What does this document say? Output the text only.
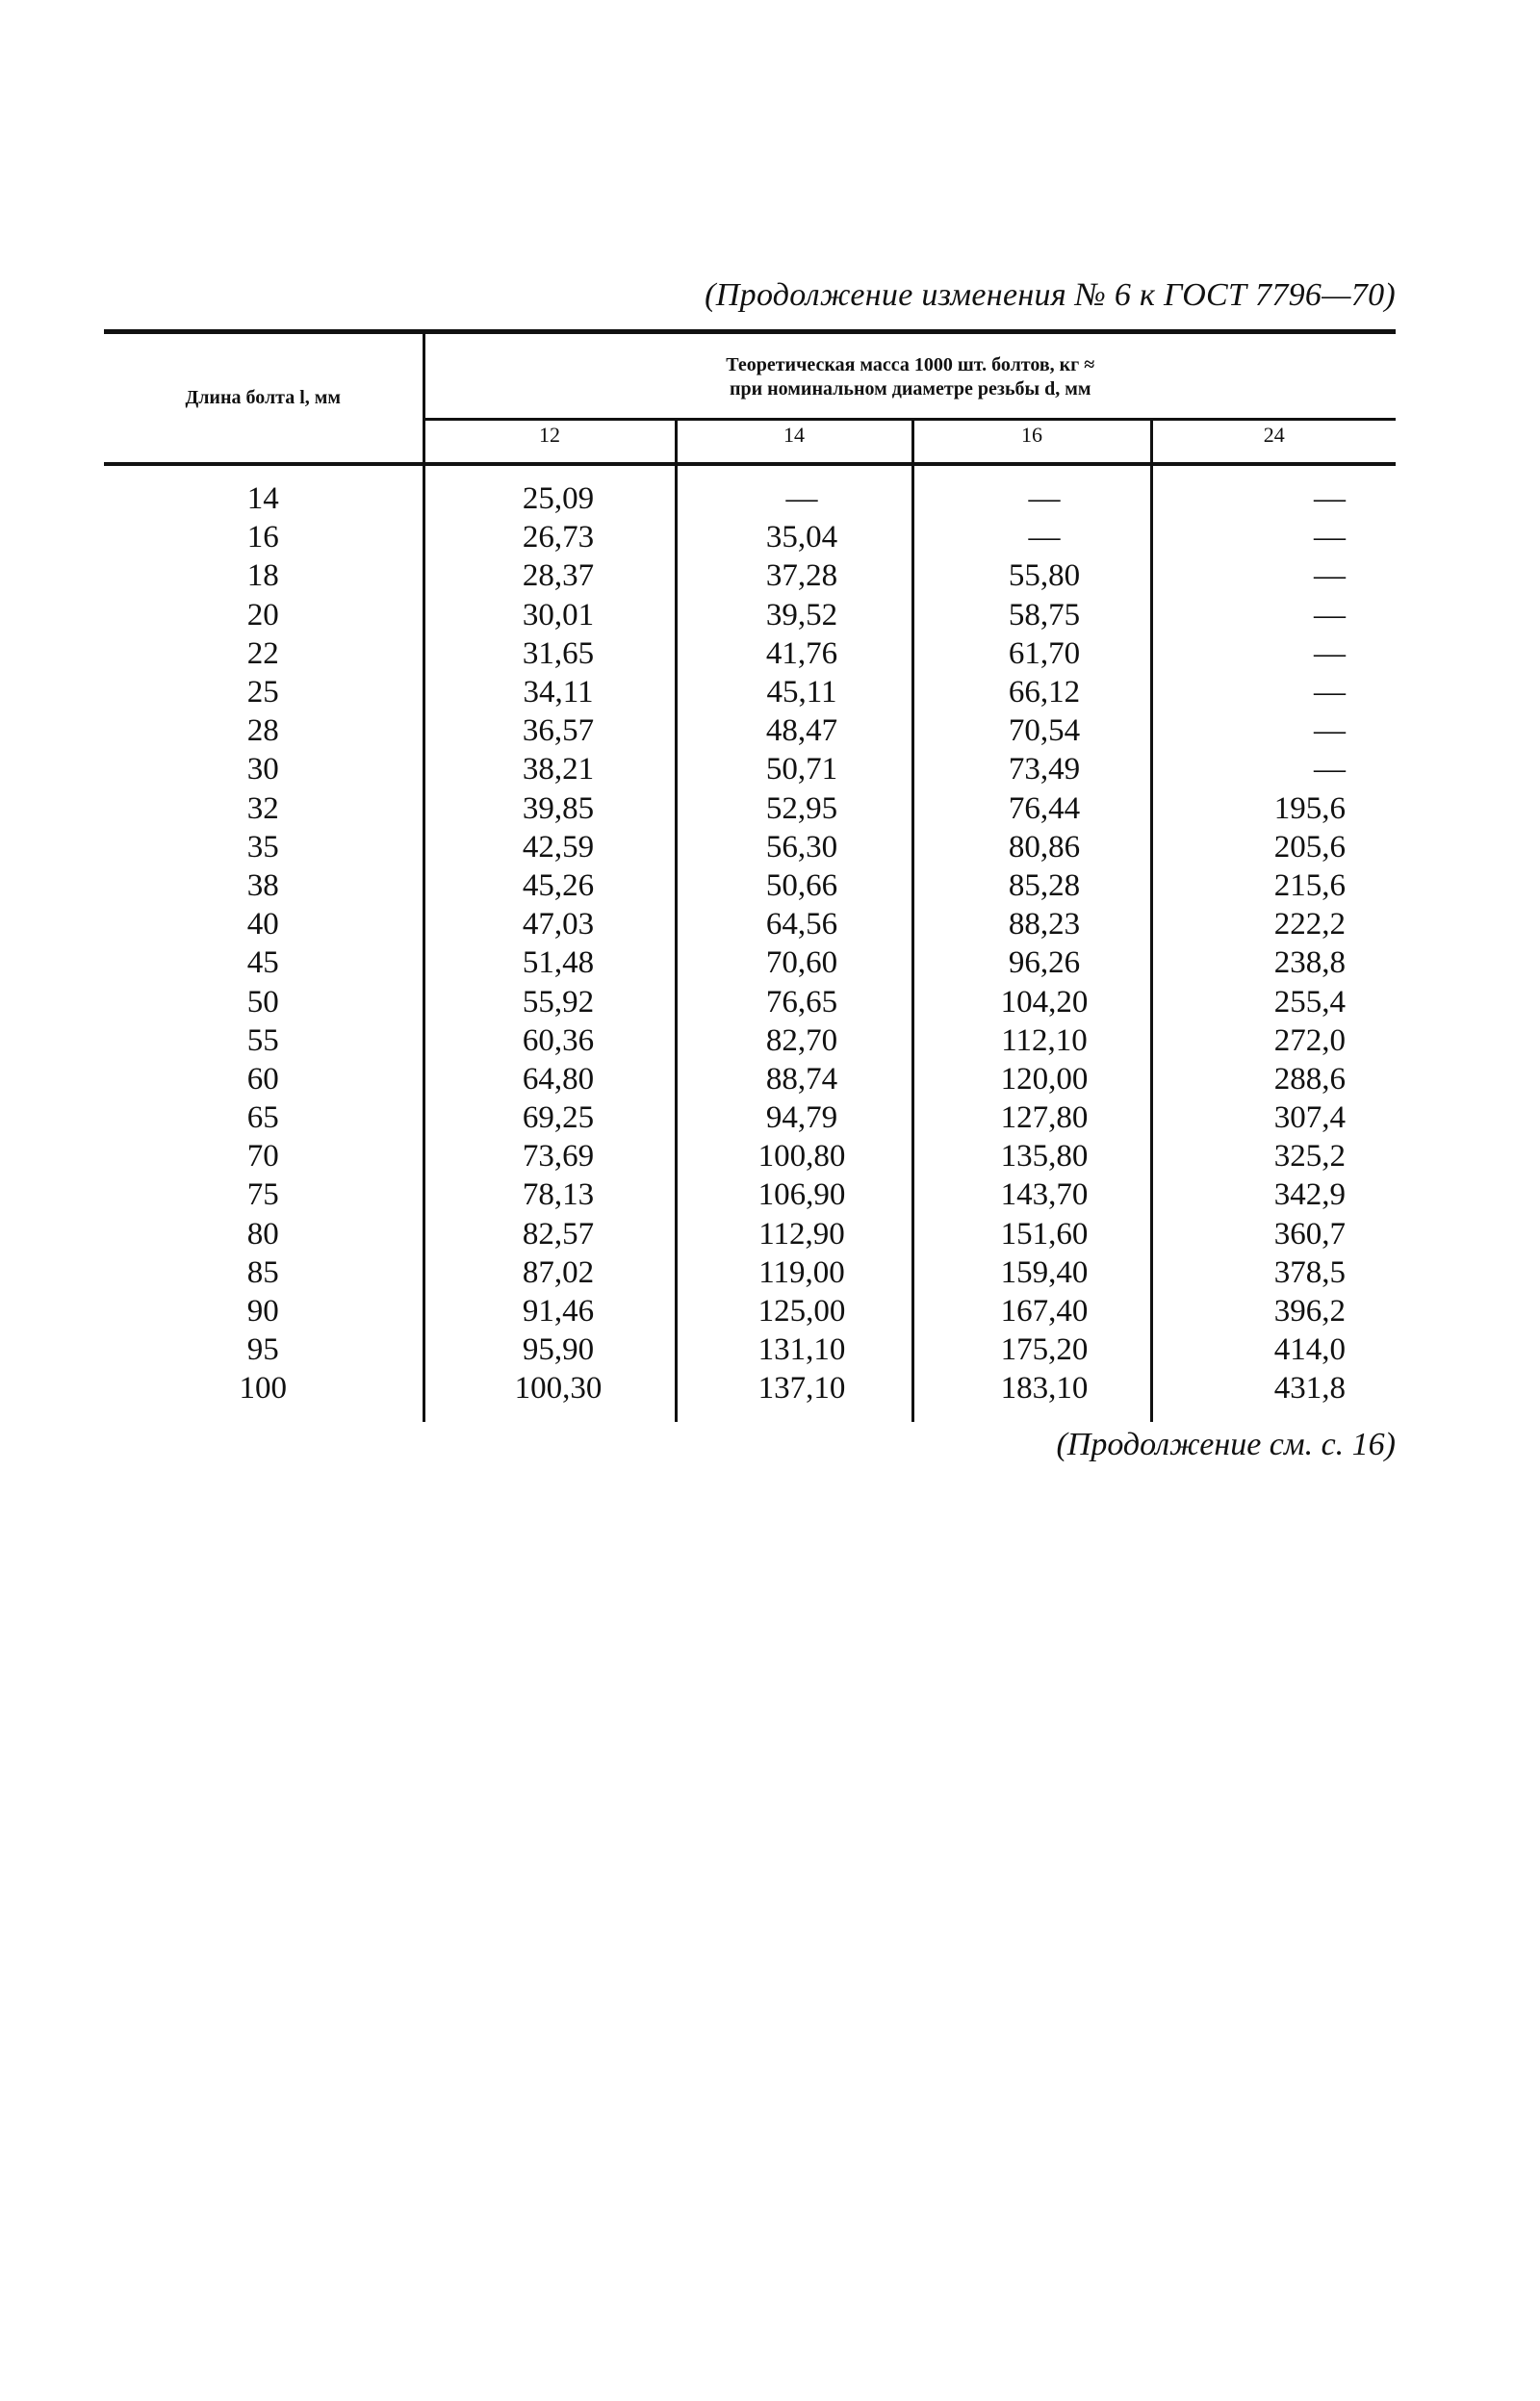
(Продолжение изменения № 6 к ГОСТ 7796—70)
Длина болта l, мм	Теоретическая масса 1000 шт. болтов, кг ≈
при номинальном диаметре резьбы d, мм			

	12	14	16	24
14	25,09	—	—	—
16	26,73	35,04	—	—
18	28,37	37,28	55,80	—
20	30,01	39,52	58,75	—
22	31,65	41,76	61,70	—
25	34,11	45,11	66,12	—
28	36,57	48,47	70,54	—
30	38,21	50,71	73,49	—
32	39,85	52,95	76,44	195,6
35	42,59	56,30	80,86	205,6
38	45,26	50,66	85,28	215,6
40	47,03	64,56	88,23	222,2
45	51,48	70,60	96,26	238,8
50	55,92	76,65	104,20	255,4
55	60,36	82,70	112,10	272,0
60	64,80	88,74	120,00	288,6
65	69,25	94,79	127,80	307,4
70	73,69	100,80	135,80	325,2
75	78,13	106,90	143,70	342,9
80	82,57	112,90	151,60	360,7
85	87,02	119,00	159,40	378,5
90	91,46	125,00	167,40	396,2
95	95,90	131,10	175,20	414,0
100	100,30	137,10	183,10	431,8
(Продолжение см. с. 16)
